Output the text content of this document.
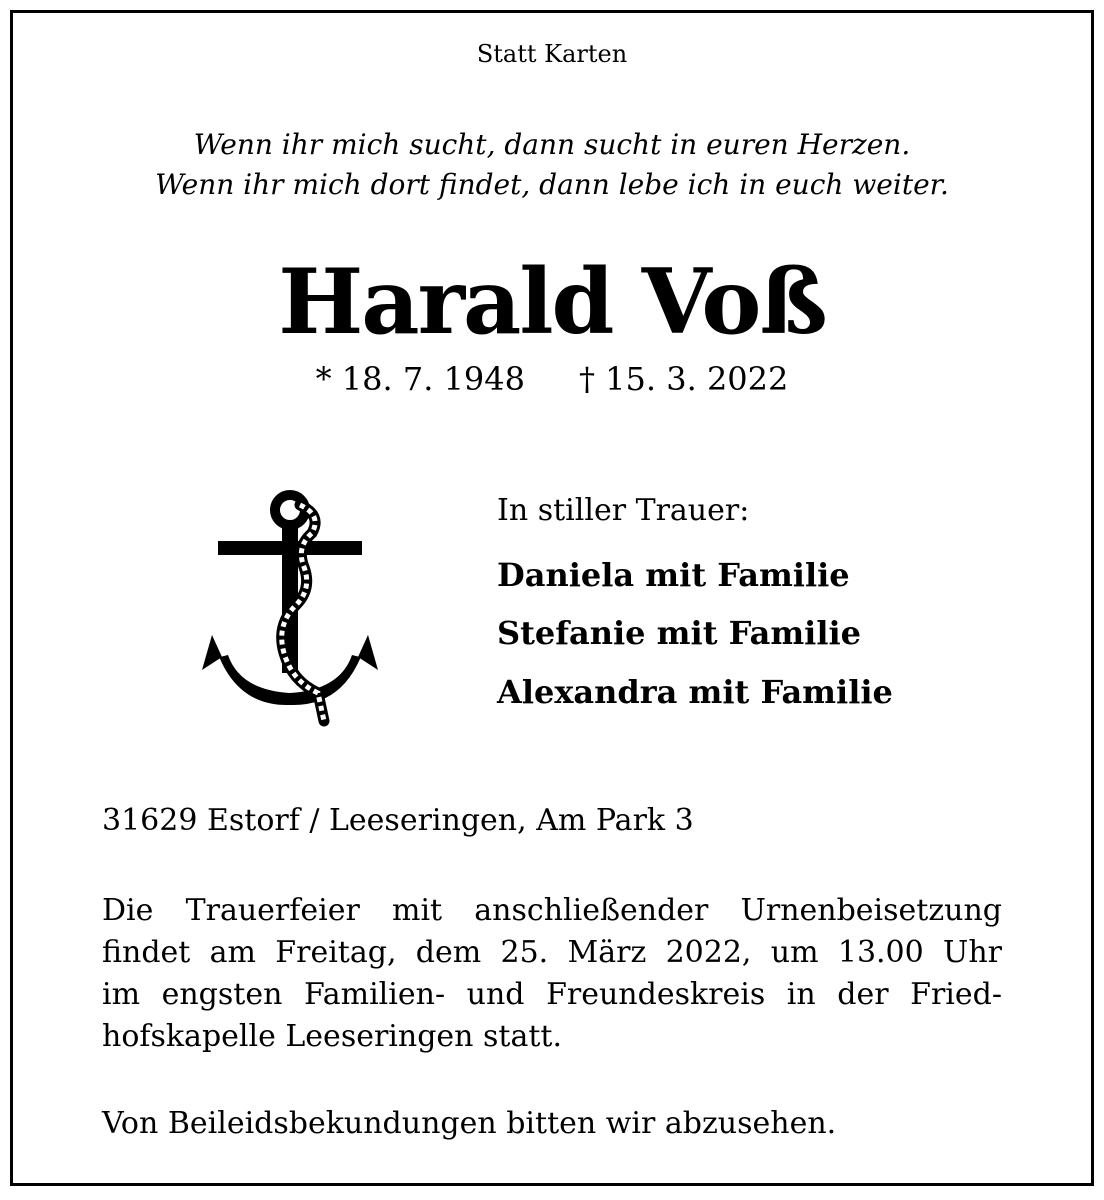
Statt Karten

Wenn ihr mich sucht, dann sucht in euren Herzen.
Wenn ihr mich dort findet, dann lebe ich in euch weiter.
Harald Voß

* 18. 7. 1948 † 15. 3. 2022

In stiller Trauer:

Daniela mit Familie

Stefanie mit Familie

Alexandra mit Familie

31629 Estorf / Leeseringen, Am Park 3

Die Trauerfeier mit anschließender Urnenbeisetzung
findet am Freitag, dem 25. März 2022, um 13.00 Uhr
im engsten Familien- und Freundeskreis in der Fried-
hofskapelle Leeseringen statt.

Von Beileidsbekundungen bitten wir abzusehen.
